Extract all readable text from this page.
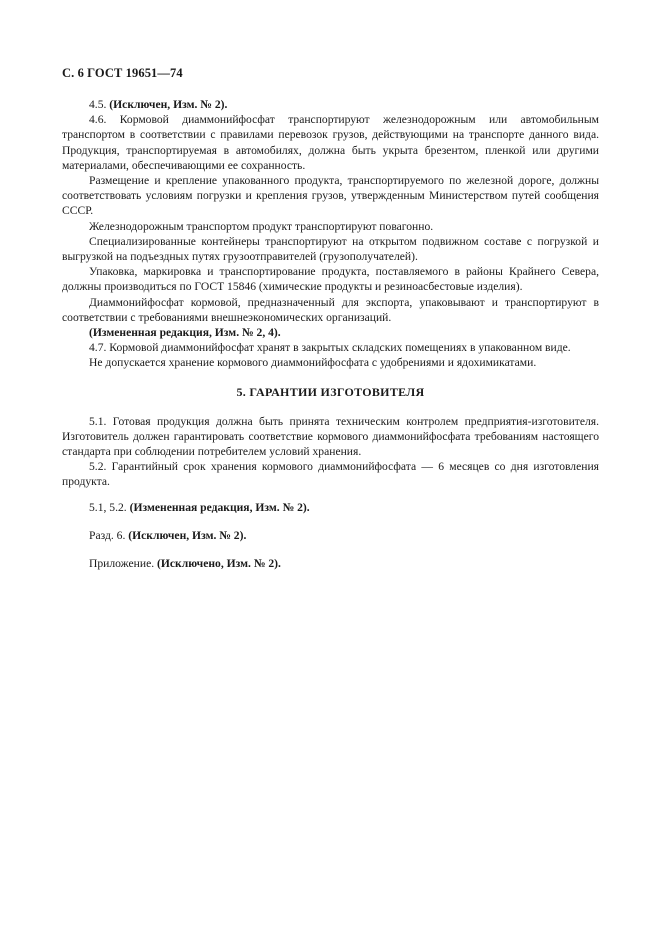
С. 6 ГОСТ 19651—74

4.5. (Исключен, Изм. № 2).

4.6. Кормовой диаммонийфосфат транспортируют железнодорожным или автомобильным транспортом в соответствии с правилами перевозок грузов, действующими на транспорте данного вида. Продукция, транспортируемая в автомобилях, должна быть укрыта брезентом, пленкой или другими материалами, обеспечивающими ее сохранность.

Размещение и крепление упакованного продукта, транспортируемого по железной дороге, должны соответствовать условиям погрузки и крепления грузов, утвержденным Министерством путей сообщения СССР.

Железнодорожным транспортом продукт транспортируют повагонно.

Специализированные контейнеры транспортируют на открытом подвижном составе с погрузкой и выгрузкой на подъездных путях грузоотправителей (грузополучателей).

Упаковка, маркировка и транспортирование продукта, поставляемого в районы Крайнего Севера, должны производиться по ГОСТ 15846 (химические продукты и резиноасбестовые изделия).

Диаммонийфосфат кормовой, предназначенный для экспорта, упаковывают и транспортируют в соответствии с требованиями внешнеэкономических организаций.

(Измененная редакция, Изм. № 2, 4).

4.7. Кормовой диаммонийфосфат хранят в закрытых складских помещениях в упакованном виде.

Не допускается хранение кормового диаммонийфосфата с удобрениями и ядохимикатами.

5. ГАРАНТИИ ИЗГОТОВИТЕЛЯ

5.1. Готовая продукция должна быть принята техническим контролем предприятия-изготовителя. Изготовитель должен гарантировать соответствие кормового диаммонийфосфата требованиям настоящего стандарта при соблюдении потребителем условий хранения.

5.2. Гарантийный срок хранения кормового диаммонийфосфата — 6 месяцев со дня изготовления продукта.

5.1, 5.2. (Измененная редакция, Изм. № 2).

Разд. 6. (Исключен, Изм. № 2).

Приложение. (Исключено, Изм. № 2).
